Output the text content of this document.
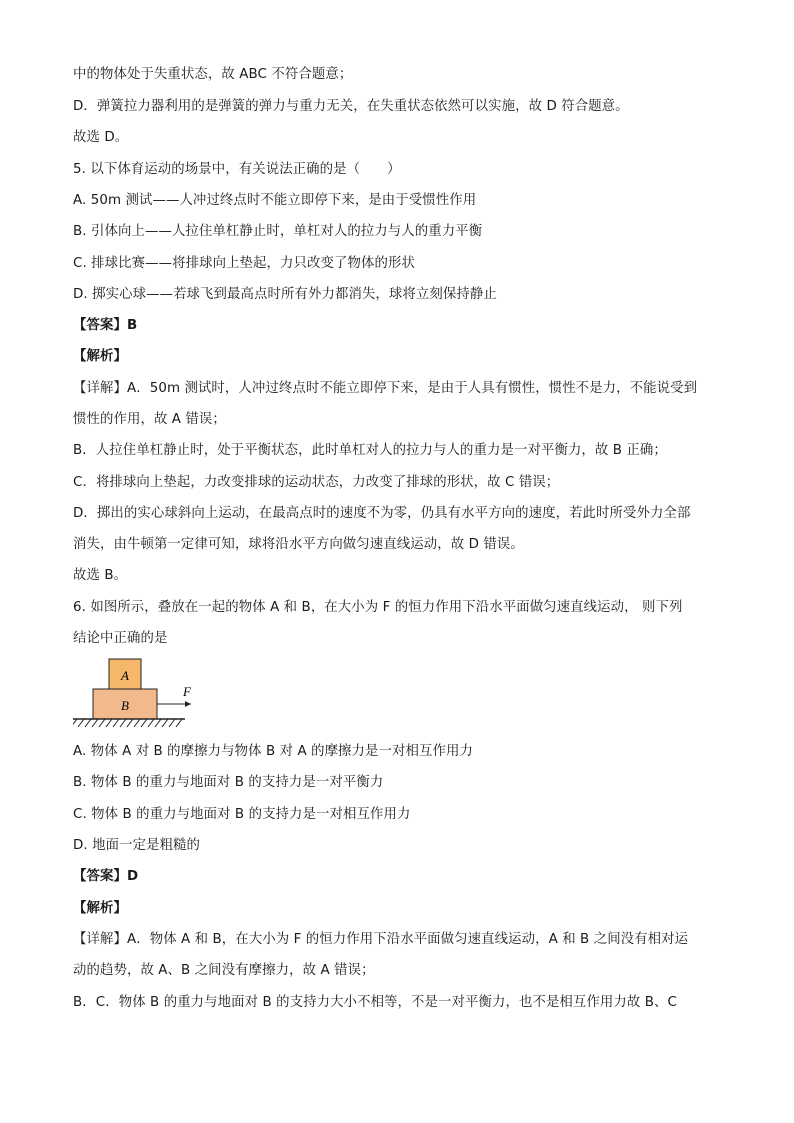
中的物体处于失重状态，故 ABC 不符合题意；
D．弹簧拉力器利用的是弹簧的弹力与重力无关，在失重状态依然可以实施，故 D 符合题意。
故选 D。
5. 以下体育运动的场景中，有关说法正确的是（　　）
A. 50m 测试——人冲过终点时不能立即停下来，是由于受惯性作用
B. 引体向上——人拉住单杠静止时，单杠对人的拉力与人的重力平衡
C. 排球比赛——将排球向上垫起，力只改变了物体的形状
D. 掷实心球——若球飞到最高点时所有外力都消失，球将立刻保持静止
【答案】B
【解析】
【详解】A．50m 测试时，人冲过终点时不能立即停下来，是由于人具有惯性，惯性不是力，不能说受到
惯性的作用，故 A 错误；
B．人拉住单杠静止时，处于平衡状态，此时单杠对人的拉力与人的重力是一对平衡力，故 B 正确；
C．将排球向上垫起，力改变排球的运动状态，力改变了排球的形状，故 C 错误；
D．掷出的实心球斜向上运动，在最高点时的速度不为零，仍具有水平方向的速度，若此时所受外力全部
消失，由牛顿第一定律可知，球将沿水平方向做匀速直线运动，故 D 错误。
故选 B。
6. 如图所示，叠放在一起的物体 A 和 B，在大小为 F 的恒力作用下沿水平面做匀速直线运动， 则下列
结论中正确的是
A
B
F
A. 物体 A 对 B 的摩擦力与物体 B 对 A 的摩擦力是一对相互作用力
B. 物体 B 的重力与地面对 B 的支持力是一对平衡力
C. 物体 B 的重力与地面对 B 的支持力是一对相互作用力
D. 地面一定是粗糙的
【答案】D
【解析】
【详解】A．物体 A 和 B，在大小为 F 的恒力作用下沿水平面做匀速直线运动，A 和 B 之间没有相对运
动的趋势，故 A、B 之间没有摩擦力，故 A 错误；
B．C．物体 B 的重力与地面对 B 的支持力大小不相等，不是一对平衡力，也不是相互作用力故 B、C
